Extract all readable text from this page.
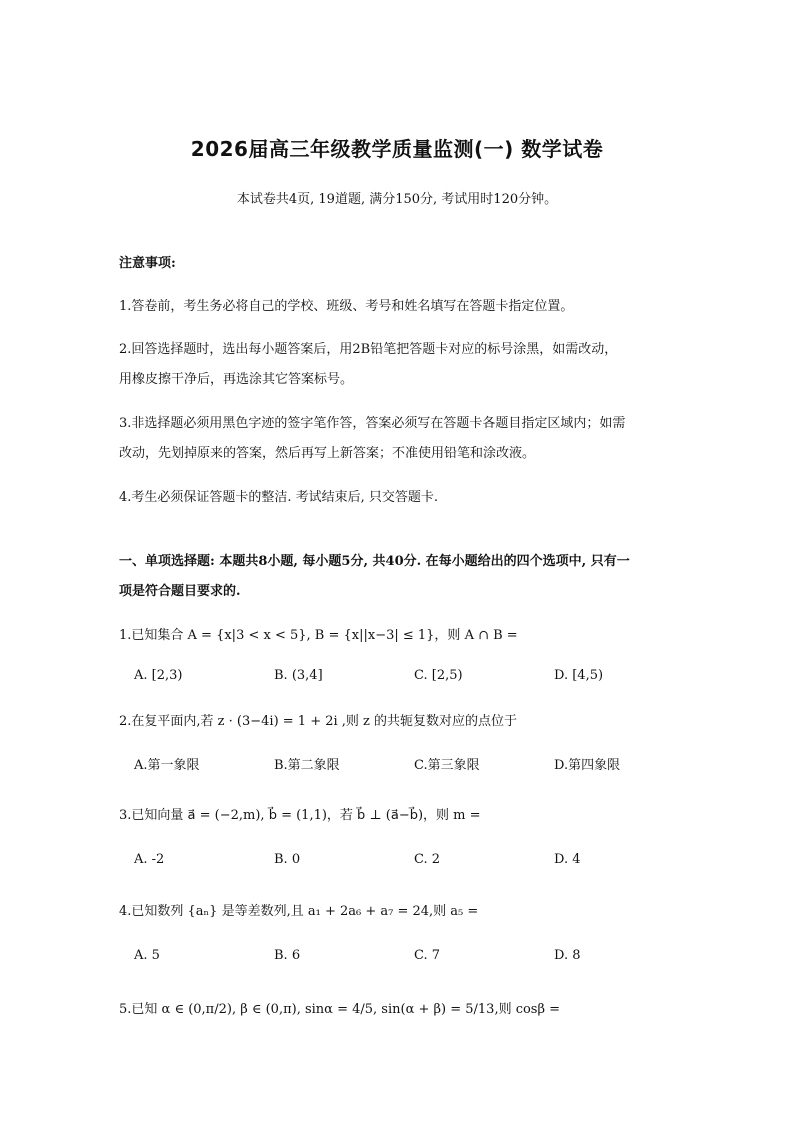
2026届高三年级教学质量监测(一) 数学试卷
本试卷共4页, 19道题, 满分150分, 考试用时120分钟。
注意事项:
1.答卷前，考生务必将自己的学校、班级、考号和姓名填写在答题卡指定位置。
2.回答选择题时，选出每小题答案后，用2B铅笔把答题卡对应的标号涂黑，如需改动，
用橡皮擦干净后，再选涂其它答案标号。
3.非选择题必须用黑色字迹的签字笔作答，答案必须写在答题卡各题目指定区域内；如需
改动，先划掉原来的答案，然后再写上新答案；不准使用铅笔和涂改液。
4.考生必须保证答题卡的整洁. 考试结束后, 只交答题卡.
一、单项选择题: 本题共8小题, 每小题5分, 共40分. 在每小题给出的四个选项中, 只有一
项是符合题目要求的.
1.已知集合 A = {x|3 < x < 5}, B = {x||x−3| ≤ 1}，则 A ∩ B =
A. [2,3)	B. (3,4]	C. [2,5)	D. [4,5)
2.在复平面内,若 z · (3−4i) = 1 + 2i ,则 z 的共轭复数对应的点位于
A.第一象限	B.第二象限	C.第三象限	D.第四象限
3.已知向量 a⃗ = (−2,m), b⃗ = (1,1)，若 b⃗ ⊥ (a⃗−b⃗)，则 m =
A. -2	B. 0	C. 2	D. 4
4.已知数列 {aₙ} 是等差数列,且 a₁ + 2a₆ + a₇ = 24,则 a₅ =
A. 5	B. 6	C. 7	D. 8
5.已知 α ∈ (0,π/2), β ∈ (0,π), sinα = 4/5, sin(α + β) = 5/13,则 cosβ =
